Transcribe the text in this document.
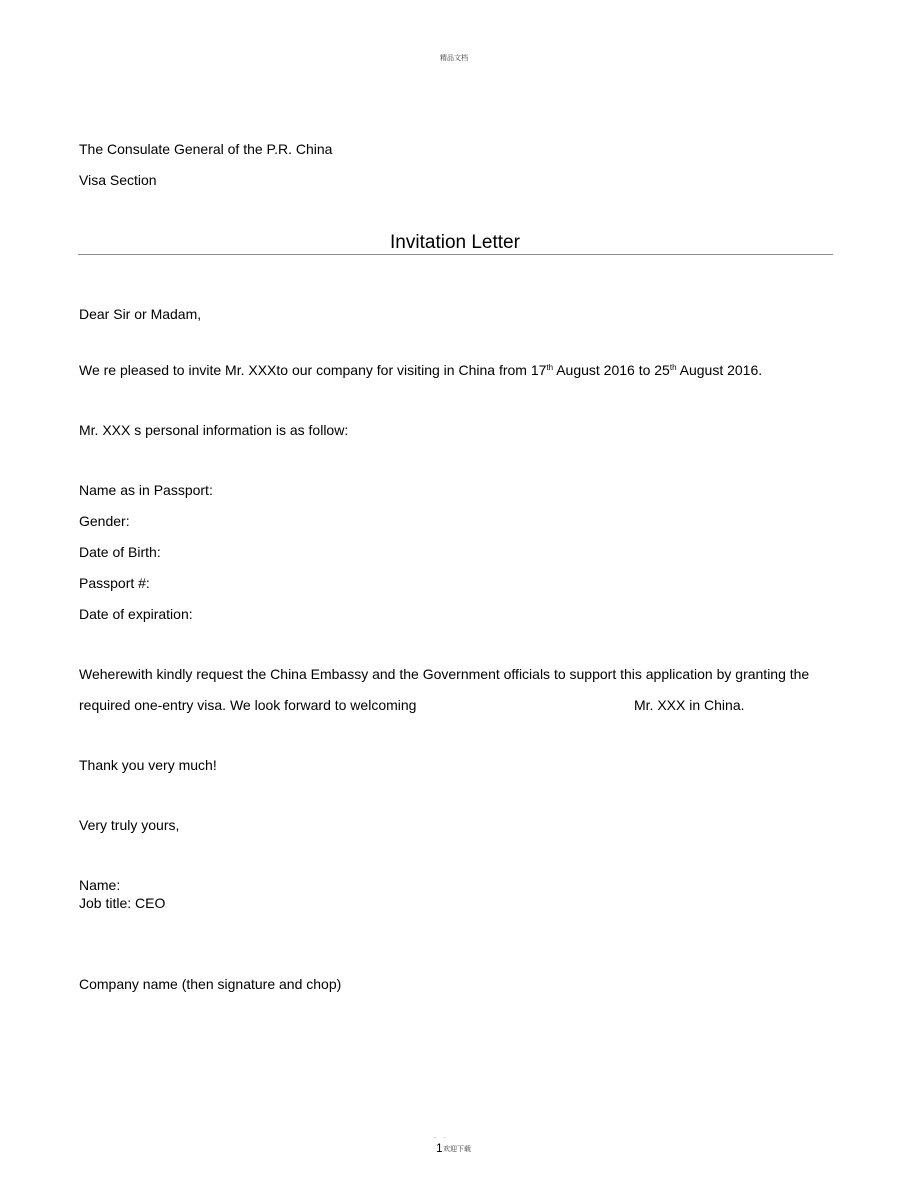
精品文档
The Consulate General of the P.R. China
Visa Section
Invitation Letter
Dear Sir or Madam,
We re pleased to invite Mr. XXXto our company for visiting in China from 17th August 2016 to 25th August 2016.
Mr. XXX s personal information is as follow:
Name as in Passport:
Gender:
Date of Birth:
Passport #:
Date of expiration:
Weherewith kindly request the China Embassy and the Government officials to support this application by granting the
required one-entry visa. We look forward to welcoming	Mr. XXX in China.
Thank you very much!
Very truly yours,
Name:
Job title: CEO
Company name (then signature and chop)
. .
1 欢迎下载
